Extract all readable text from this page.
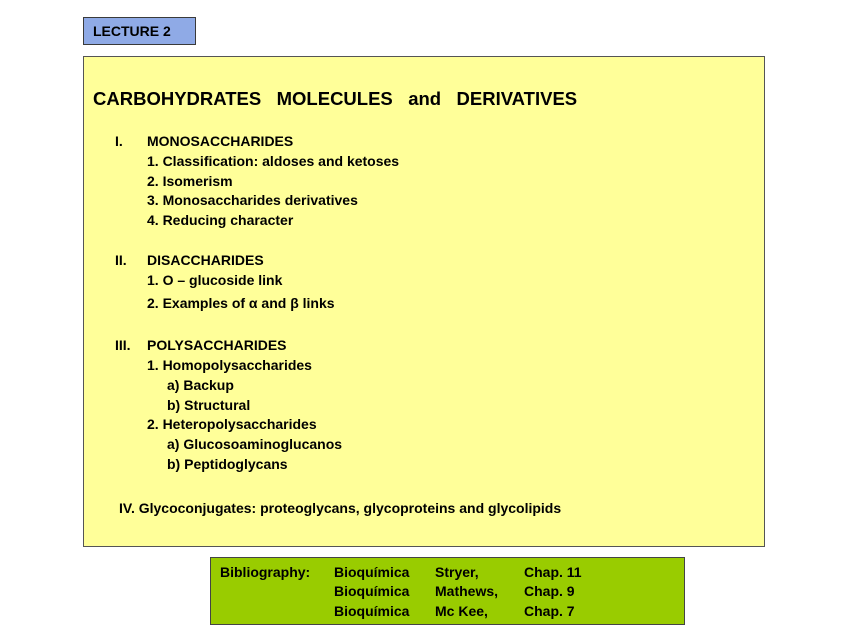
LECTURE 2
CARBOHYDRATES   MOLECULES   and   DERIVATIVES
I. MONOSACCHARIDES
1. Classification: aldoses and ketoses
2. Isomerism
3. Monosaccharides derivatives
4. Reducing character
II. DISACCHARIDES
1. O – glucoside link
2. Examples of α and β links
III. POLYSACCHARIDES
1. Homopolysaccharides
a) Backup
b) Structural
2. Heteropolysaccharides
a) Glucosoaminoglucanos
b) Peptidoglycans
IV. Glycoconjugates: proteoglycans, glycoproteins and glycolipids
Bibliography: Bioquímica Stryer,	Chap. 11
Bioquímica Mathews, Chap. 9
Bioquímica Mc Kee,	Chap. 7
